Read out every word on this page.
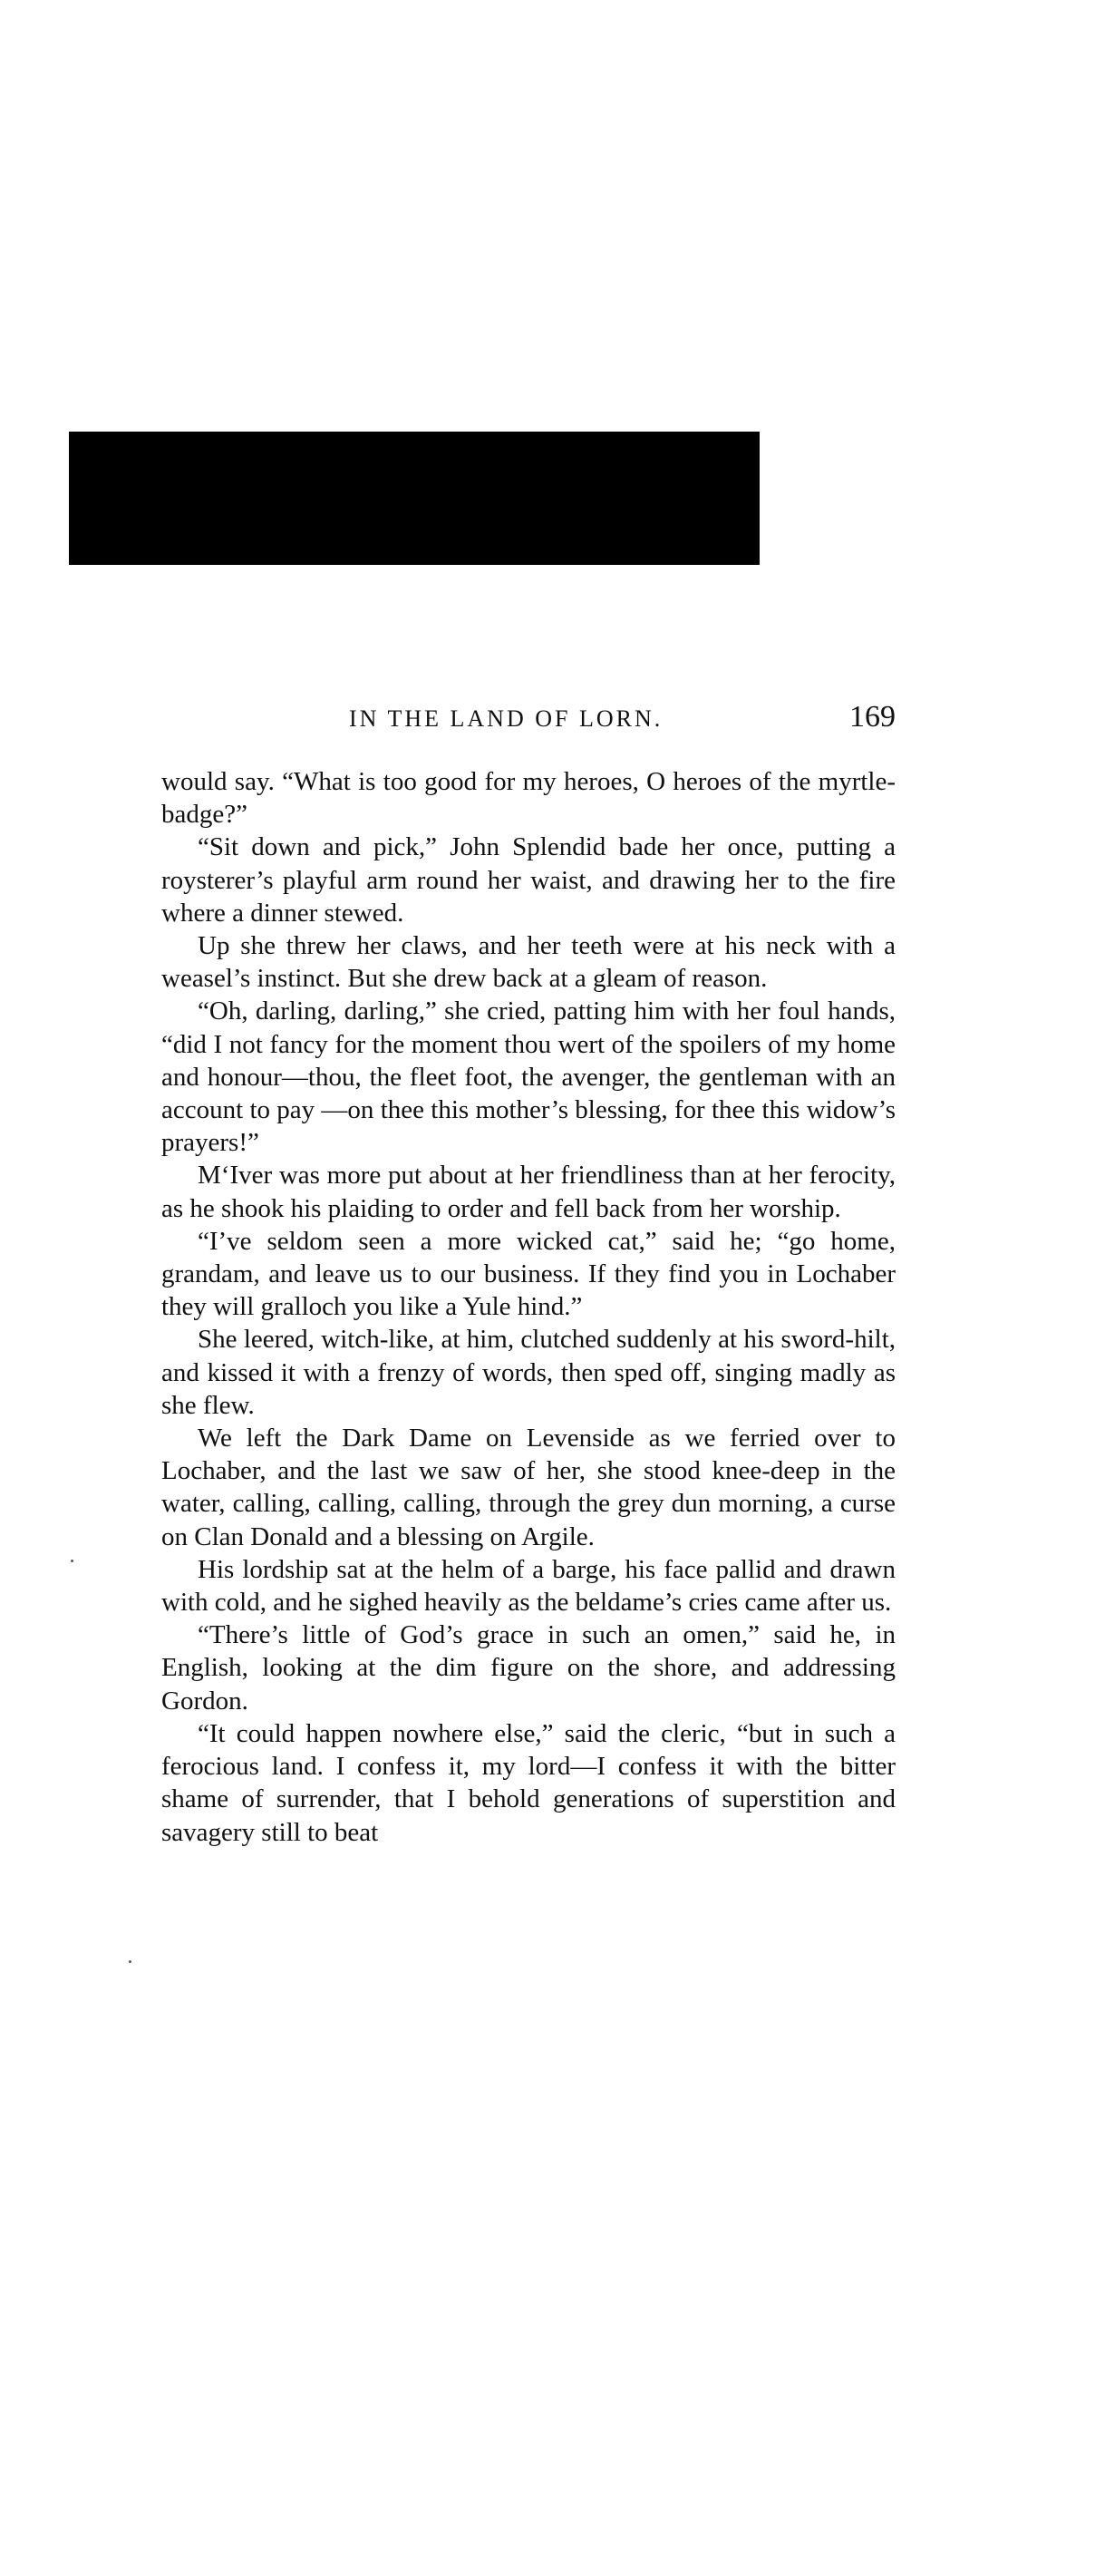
IN THE LAND OF LORN.	169

would say. “What is too good for my heroes, O heroes of the myrtle-badge?”

“Sit down and pick,” John Splendid bade her once, putting a roysterer’s playful arm round her waist, and drawing her to the fire where a dinner stewed.

Up she threw her claws, and her teeth were at his neck with a weasel’s instinct. But she drew back at a gleam of reason.

“Oh, darling, darling,” she cried, patting him with her foul hands, “did I not fancy for the moment thou wert of the spoilers of my home and honour—thou, the fleet foot, the avenger, the gentleman with an account to pay —on thee this mother’s blessing, for thee this widow’s prayers!”

M‘Iver was more put about at her friendliness than at her ferocity, as he shook his plaiding to order and fell back from her worship.

“I’ve seldom seen a more wicked cat,” said he; “go home, grandam, and leave us to our business. If they find you in Lochaber they will gralloch you like a Yule hind.”

She leered, witch-like, at him, clutched suddenly at his sword-hilt, and kissed it with a frenzy of words, then sped off, singing madly as she flew.

We left the Dark Dame on Levenside as we ferried over to Lochaber, and the last we saw of her, she stood knee-deep in the water, calling, calling, calling, through the grey dun morning, a curse on Clan Donald and a blessing on Argile.

His lordship sat at the helm of a barge, his face pallid and drawn with cold, and he sighed heavily as the beldame’s cries came after us.

“There’s little of God’s grace in such an omen,” said he, in English, looking at the dim figure on the shore, and addressing Gordon.

“It could happen nowhere else,” said the cleric, “but in such a ferocious land. I confess it, my lord—I confess it with the bitter shame of surrender, that I behold generations of superstition and savagery still to beat
